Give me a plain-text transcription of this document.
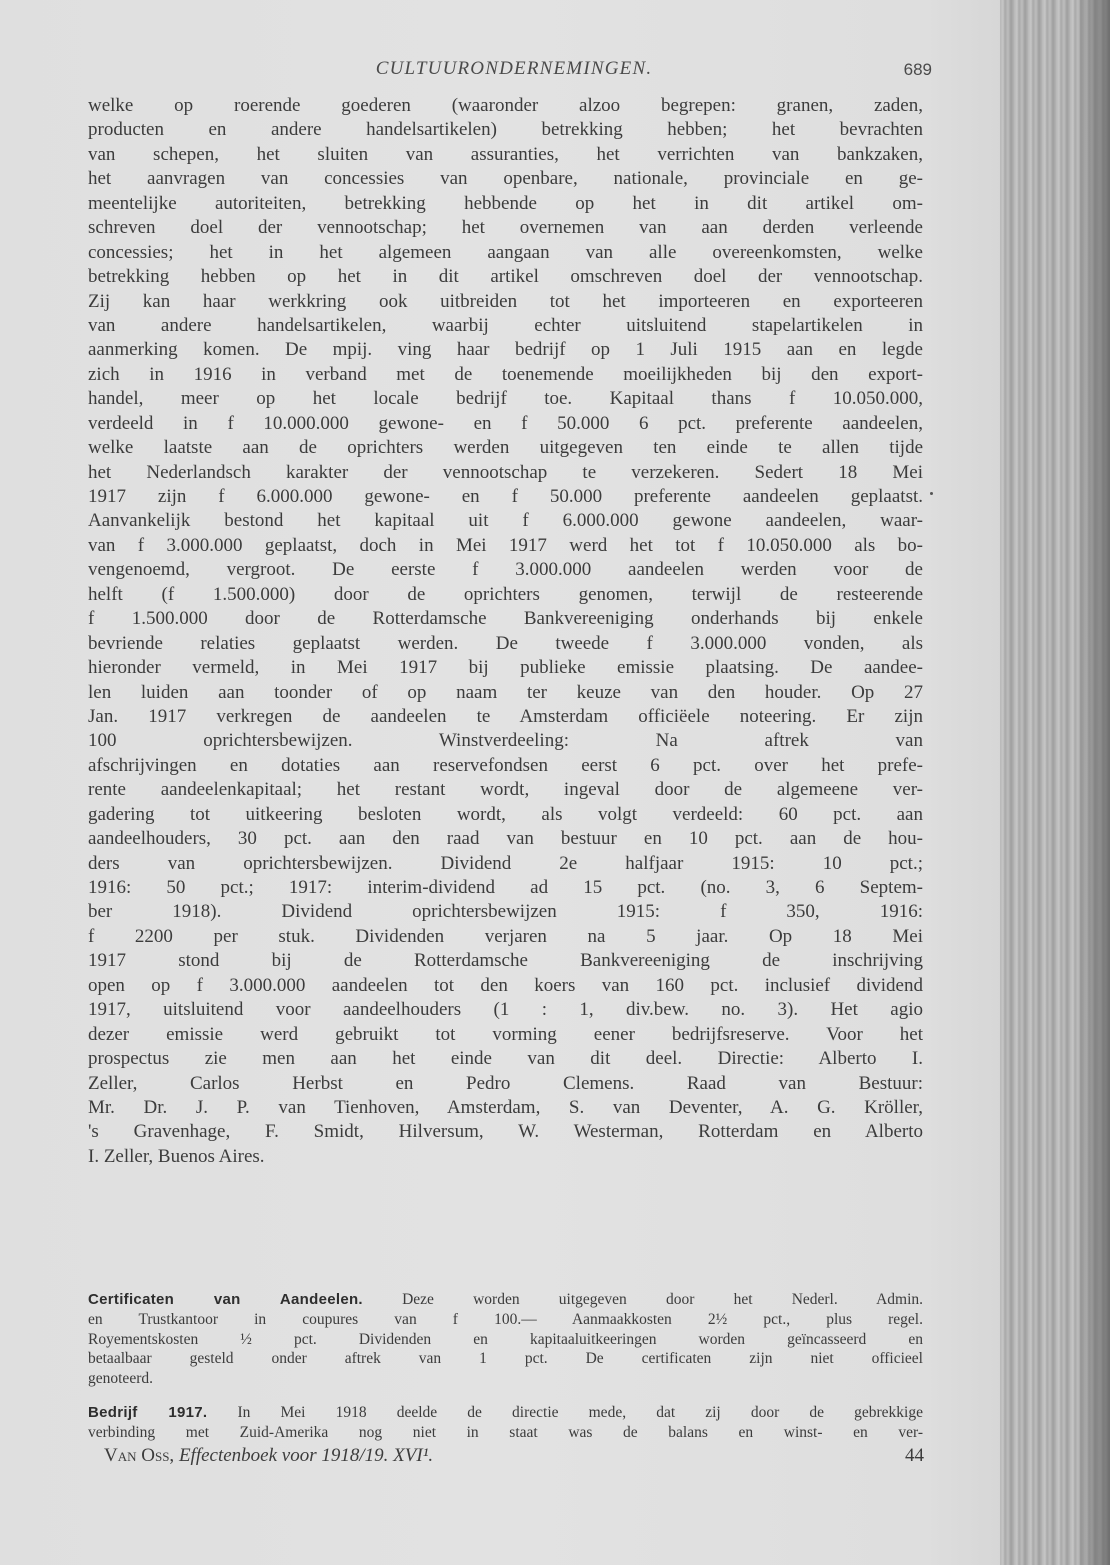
CULTUURONDERNEMINGEN.	689
welke op roerende goederen (waaronder alzoo begrepen: granen, zaden,
producten en andere handelsartikelen) betrekking hebben; het bevrachten
van schepen, het sluiten van assuranties, het verrichten van bankzaken,
het aanvragen van concessies van openbare, nationale, provinciale en ge-
meentelijke autoriteiten, betrekking hebbende op het in dit artikel om-
schreven doel der vennootschap; het overnemen van aan derden verleende
concessies; het in het algemeen aangaan van alle overeenkomsten, welke
betrekking hebben op het in dit artikel omschreven doel der vennootschap.
Zij kan haar werkkring ook uitbreiden tot het importeeren en exporteeren
van andere handelsartikelen, waarbij echter uitsluitend stapelartikelen in
aanmerking komen. De mpij. ving haar bedrijf op 1 Juli 1915 aan en legde
zich in 1916 in verband met de toenemende moeilijkheden bij den export-
handel, meer op het locale bedrijf toe. Kapitaal thans f 10.050.000,
verdeeld in f 10.000.000 gewone- en f 50.000 6 pct. preferente aandeelen,
welke laatste aan de oprichters werden uitgegeven ten einde te allen tijde
het Nederlandsch karakter der vennootschap te verzekeren. Sedert 18 Mei
1917 zijn f 6.000.000 gewone- en f 50.000 preferente aandeelen geplaatst.
Aanvankelijk bestond het kapitaal uit f 6.000.000 gewone aandeelen, waar-
van f 3.000.000 geplaatst, doch in Mei 1917 werd het tot f 10.050.000 als bo-
vengenoemd, vergroot. De eerste f 3.000.000 aandeelen werden voor de
helft (f 1.500.000) door de oprichters genomen, terwijl de resteerende
f 1.500.000 door de Rotterdamsche Bankvereeniging onderhands bij enkele
bevriende relaties geplaatst werden. De tweede f 3.000.000 vonden, als
hieronder vermeld, in Mei 1917 bij publieke emissie plaatsing. De aandee-
len luiden aan toonder of op naam ter keuze van den houder. Op 27
Jan. 1917 verkregen de aandeelen te Amsterdam officiëele noteering. Er zijn
100 oprichtersbewijzen. Winstverdeeling: Na aftrek van
afschrijvingen en dotaties aan reservefondsen eerst 6 pct. over het prefe-
rente aandeelenkapitaal; het restant wordt, ingeval door de algemeene ver-
gadering tot uitkeering besloten wordt, als volgt verdeeld: 60 pct. aan
aandeelhouders, 30 pct. aan den raad van bestuur en 10 pct. aan de hou-
ders van oprichtersbewijzen. Dividend 2e halfjaar 1915: 10 pct.;
1916: 50 pct.; 1917: interim-dividend ad 15 pct. (no. 3, 6 Septem-
ber 1918). Dividend oprichtersbewijzen 1915: f 350, 1916:
f 2200 per stuk. Dividenden verjaren na 5 jaar. Op 18 Mei
1917 stond bij de Rotterdamsche Bankvereeniging de inschrijving
open op f 3.000.000 aandeelen tot den koers van 160 pct. inclusief dividend
1917, uitsluitend voor aandeelhouders (1 : 1, div.bew. no. 3). Het agio
dezer emissie werd gebruikt tot vorming eener bedrijfsreserve. Voor het
prospectus zie men aan het einde van dit deel. Directie: Alberto I.
Zeller, Carlos Herbst en Pedro Clemens. Raad van Bestuur:
Mr. Dr. J. P. van Tienhoven, Amsterdam, S. van Deventer, A. G. Kröller,
's Gravenhage, F. Smidt, Hilversum, W. Westerman, Rotterdam en Alberto
I. Zeller, Buenos Aires.
Certificaten van Aandeelen.	Deze worden uitgegeven door het Nederl. Admin.
en Trustkantoor in coupures van f 100.— Aanmaakkosten 2½ pct., plus regel.
Royementskosten ½ pct. Dividenden en kapitaaluitkeeringen worden geïncasseerd en
betaalbaar gesteld onder aftrek van 1 pct. De certificaten zijn niet officieel
genoteerd.
Bedrijf 1917. In Mei 1918 deelde de directie mede, dat zij door de gebrekkige
verbinding met Zuid-Amerika nog niet in staat was de balans en winst- en ver-
Van Oss, Effectenboek voor 1918/19. XVI¹.	44
